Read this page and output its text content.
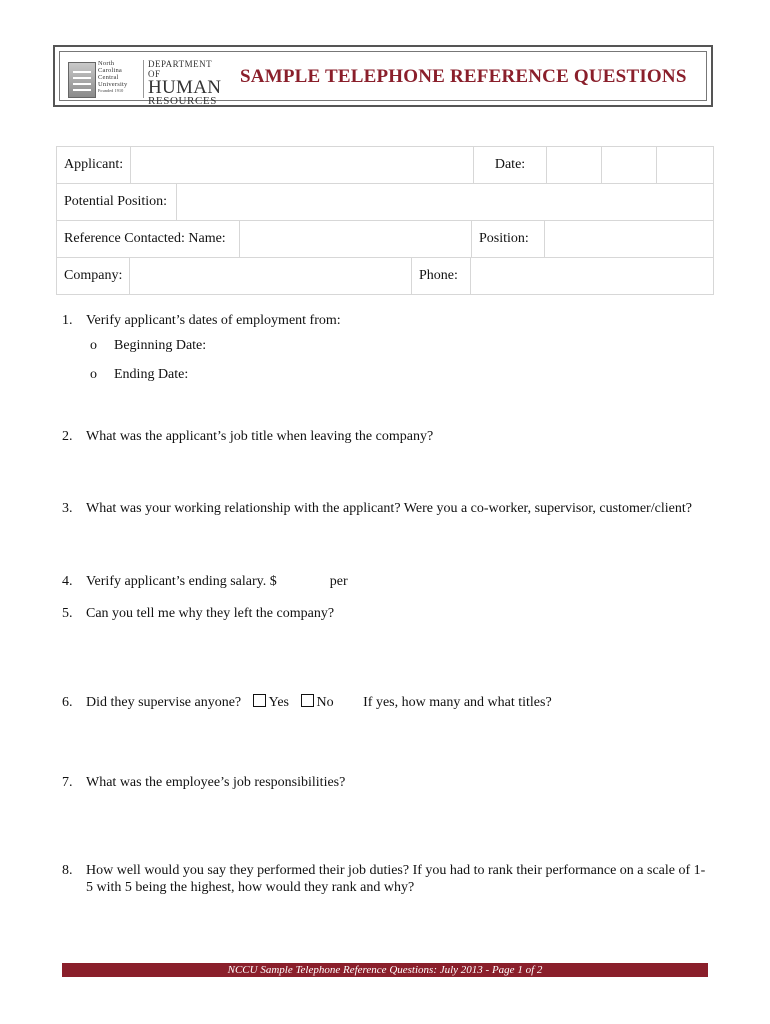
North
Carolina
Central
University
Founded 1910
DEPARTMENT OF
HUMAN
RESOURCES
SAMPLE TELEPHONE REFERENCE QUESTIONS
Applicant:		Date:			

Potential Position:

Reference Contacted: Name:	Position:

Company:	Phone:
1. Verify applicant’s dates of employment from:
o Beginning Date:
o Ending Date:
2. What was the applicant’s job title when leaving the company?
3. What was your working relationship with the applicant? Were you a co-worker, supervisor, customer/client?
4. Verify applicant’s ending salary. $	per
5. Can you tell me why they left the company?
6. Did they supervise anyone? Yes No If yes, how many and what titles?
7. What was the employee’s job responsibilities?
8. How well would you say they performed their job duties? If you had to rank their performance on a scale of 1-5 with 5 being the highest, how would they rank and why?
NCCU Sample Telephone Reference Questions: July 2013 - Page 1 of 2
